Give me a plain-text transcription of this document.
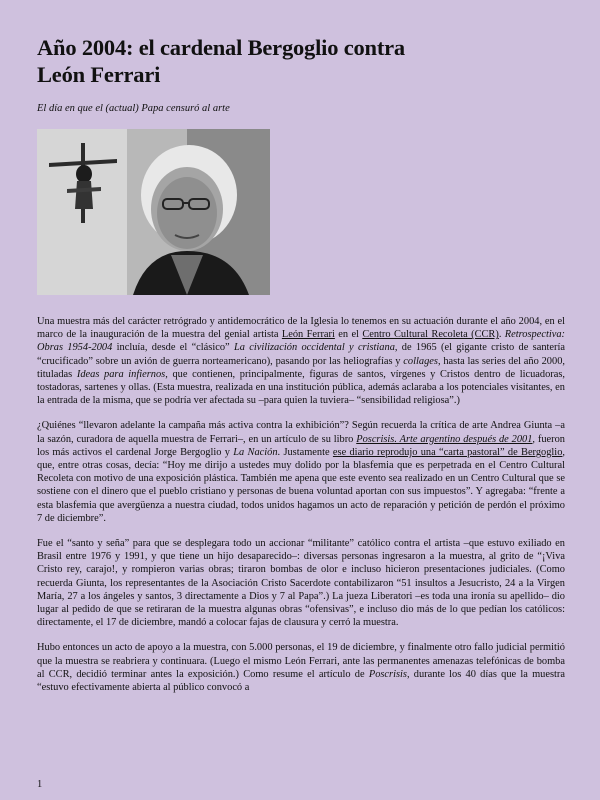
Año 2004: el cardenal Bergoglio contra
León Ferrari
El día en que el (actual) Papa censuró al arte

Una muestra más del carácter retrógrado y antidemocrático de la Iglesia lo tenemos en su actuación durante el año 2004, en el marco de la inauguración de la muestra del genial artista León Ferrari en el Centro Cultural Recoleta (CCR). Retrospectiva: Obras 1954-2004 incluía, desde el “clásico” La civilización occidental y cristiana, de 1965 (el gigante cristo de santería “crucificado” sobre un avión de guerra norteamericano), pasando por las heliografías y collages, hasta las series del año 2000, tituladas Ideas para infiernos, que contienen, principalmente, figuras de santos, vírgenes y Cristos dentro de licuadoras, tostadoras, sartenes y ollas. (Esta muestra, realizada en una institución pública, además aclaraba a los potenciales visitantes, en la entrada de la misma, que se podría ver afectada su –para quien la tuviera– “sensibilidad religiosa”.)

¿Quiénes “llevaron adelante la campaña más activa contra la exhibición”? Según recuerda la crítica de arte Andrea Giunta –a la sazón, curadora de aquella muestra de Ferrari–, en un artículo de su libro Poscrisis. Arte argentino después de 2001, fueron los más activos el cardenal Jorge Bergoglio y La Nación. Justamente ese diario reprodujo una “carta pastoral” de Bergoglio, que, entre otras cosas, decía: “Hoy me dirijo a ustedes muy dolido por la blasfemia que es perpetrada en el Centro Cultural Recoleta con motivo de una exposición plástica. También me apena que este evento sea realizado en un Centro Cultural que se sostiene con el dinero que el pueblo cristiano y personas de buena voluntad aportan con sus impuestos”. Y agregaba: “frente a esta blasfemia que avergüenza a nuestra ciudad, todos unidos hagamos un acto de reparación y petición de perdón el próximo 7 de diciembre”.

Fue el “santo y seña” para que se desplegara todo un accionar “militante” católico contra el artista –que estuvo exiliado en Brasil entre 1976 y 1991, y que tiene un hijo desaparecido–: diversas personas ingresaron a la muestra, al grito de “¡Viva Cristo rey, carajo!, y rompieron varias obras; tiraron bombas de olor e incluso hicieron presentaciones judiciales. (Como recuerda Giunta, los representantes de la Asociación Cristo Sacerdote contabilizaron “51 insultos a Jesucristo, 24 a la Virgen María, 27 a los ángeles y santos, 3 directamente a Dios y 7 al Papa”.) La jueza Liberatori –es toda una ironía su apellido– dio lugar al pedido de que se retiraran de la muestra algunas obras “ofensivas”, e incluso dio más de lo que pedían los católicos: directamente, el 17 de diciembre, mandó a colocar fajas de clausura y cerró la muestra.

Hubo entonces un acto de apoyo a la muestra, con 5.000 personas, el 19 de diciembre, y finalmente otro fallo judicial permitió que la muestra se reabriera y continuara. (Luego el mismo León Ferrari, ante las permanentes amenazas telefónicas de bomba al CCR, decidió terminar antes la exposición.) Como resume el artículo de Poscrisis, durante los 40 días que la muestra “estuvo efectivamente abierta al público convocó a

1
